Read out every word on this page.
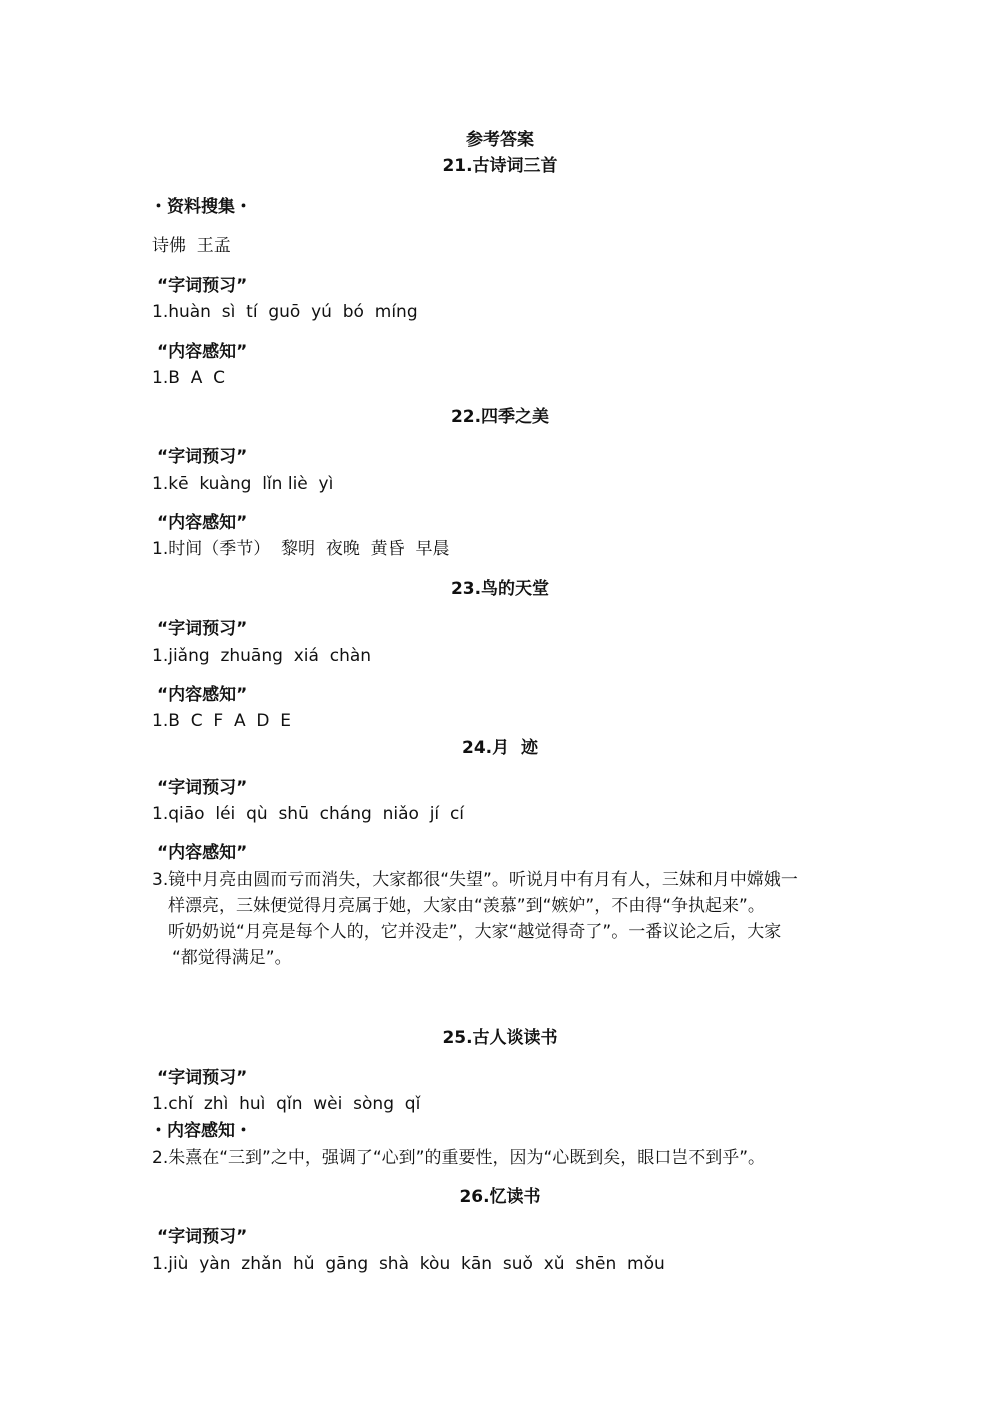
参考答案
21.古诗词三首
・资料搜集・
诗佛  王孟
“字词预习”
1.huàn  sì  tí  guō  yú  bó  míng
“内容感知”
1.B  A  C
22.四季之美
“字词预习”
1.kē  kuàng  lǐn liè  yì
“内容感知”
1.时间（季节）  黎明  夜晚  黄昏  早晨
23.鸟的天堂
“字词预习”
1.jiǎng  zhuāng  xiá  chàn
“内容感知”
1.B  C  F  A  D  E
24.月  迹
“字词预习”
1.qiāo  léi  qù  shū  cháng  niǎo  jí  cí
“内容感知”
3.镜中月亮由圆而亏而消失，大家都很“失望”。听说月中有月有人，三妹和月中嫦娥一
样漂亮，三妹便觉得月亮属于她，大家由“羡慕”到“嫉妒”，不由得“争执起来”。
听奶奶说“月亮是每个人的，它并没走”，大家“越觉得奇了”。一番议论之后，大家
“都觉得满足”。
25.古人谈读书
“字词预习”
1.chǐ  zhì  huì  qǐn  wèi  sòng  qǐ
・内容感知・
2.朱熹在“三到”之中，强调了“心到”的重要性，因为“心既到矣，眼口岂不到乎”。
26.忆读书
“字词预习”
1.jiù  yàn  zhǎn  hǔ  gāng  shà  kòu  kān  suǒ  xǔ  shēn  mǒu
